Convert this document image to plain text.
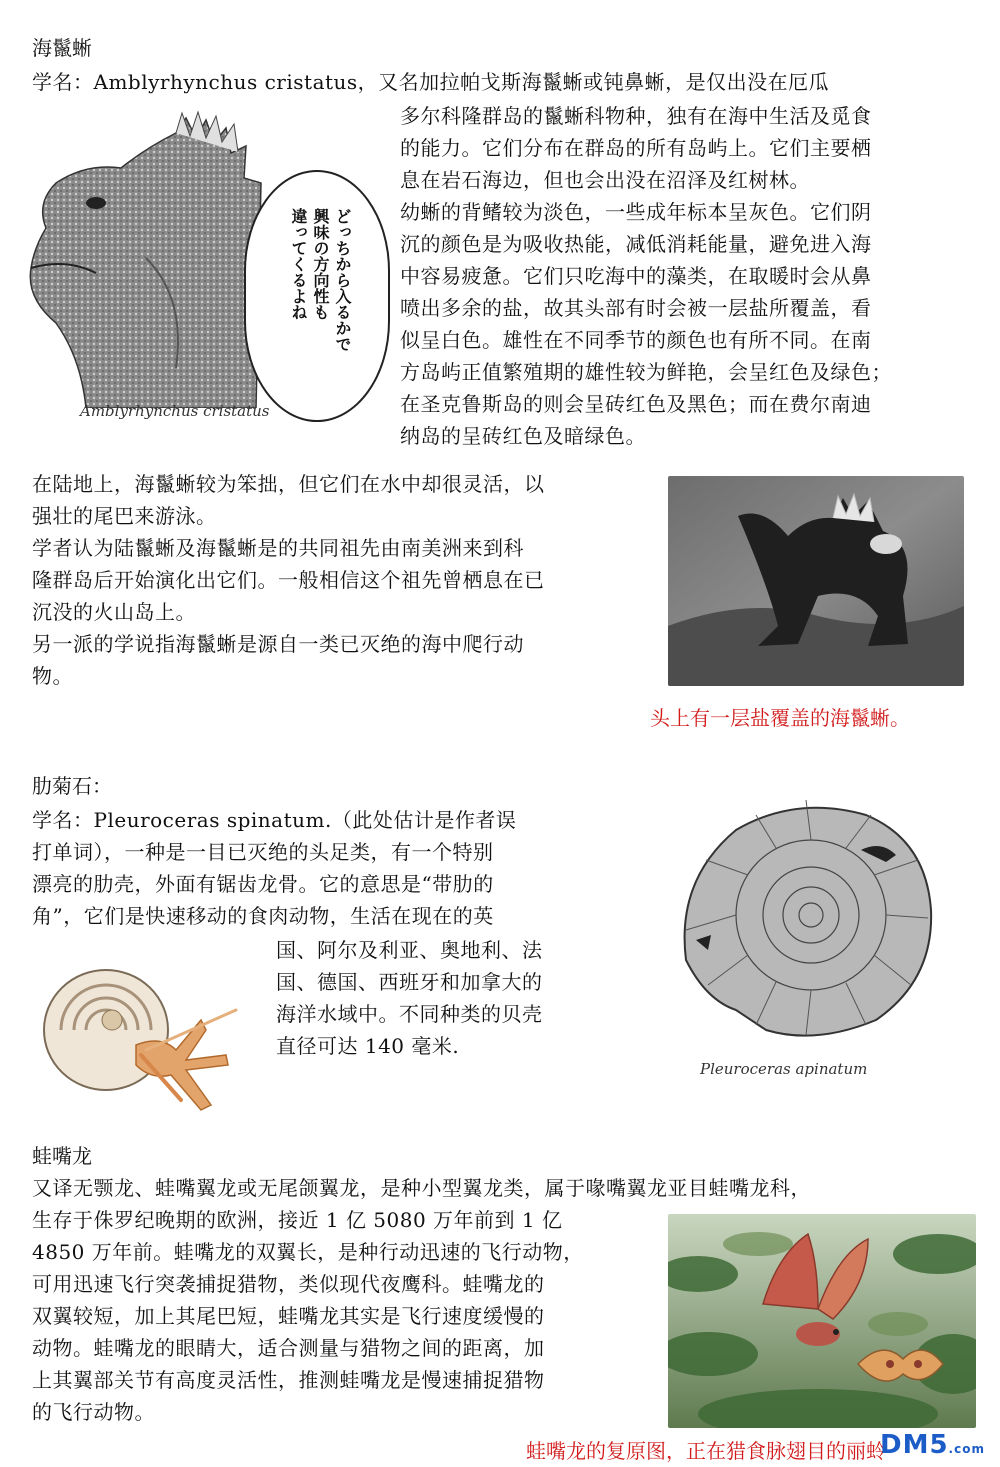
海鬣蜥
学名：Amblyrhynchus cristatus，又名加拉帕戈斯海鬣蜥或钝鼻蜥，是仅出没在厄瓜
多尔科隆群岛的鬣蜥科物种，独有在海中生活及觅食
的能力。它们分布在群岛的所有岛屿上。它们主要栖
息在岩石海边，但也会出没在沼泽及红树林。
幼蜥的背鳍较为淡色，一些成年标本呈灰色。它们阴
沉的颜色是为吸收热能，减低消耗能量，避免进入海
中容易疲惫。它们只吃海中的藻类，在取暖时会从鼻
喷出多余的盐，故其头部有时会被一层盐所覆盖，看
似呈白色。雄性在不同季节的颜色也有所不同。在南
方岛屿正值繁殖期的雄性较为鲜艳，会呈红色及绿色；
在圣克鲁斯岛的则会呈砖红色及黑色；而在费尔南迪
纳岛的呈砖红色及暗绿色。
どっちから入るかで
興味の方向性も
違ってくるよね
Amblyrhynchus cristatus
在陆地上，海鬣蜥较为笨拙，但它们在水中却很灵活，以
强壮的尾巴来游泳。
学者认为陆鬣蜥及海鬣蜥是的共同祖先由南美洲来到科
隆群岛后开始演化出它们。一般相信这个祖先曾栖息在已
沉没的火山岛上。
另一派的学说指海鬣蜥是源自一类已灭绝的海中爬行动
物。
头上有一层盐覆盖的海鬣蜥。
肋菊石：
学名：Pleuroceras spinatum.（此处估计是作者误
打单词），一种是一目已灭绝的头足类，有一个特别
漂亮的肋壳，外面有锯齿龙骨。它的意思是“带肋的
角”，它们是快速移动的食肉动物，生活在现在的英
国、阿尔及利亚、奥地利、法
国、德国、西班牙和加拿大的
海洋水域中。不同种类的贝壳
直径可达 140 毫米.
Pleuroceras apinatum
蛙嘴龙
又译无颚龙、蛙嘴翼龙或无尾颌翼龙，是种小型翼龙类，属于喙嘴翼龙亚目蛙嘴龙科，
生存于侏罗纪晚期的欧洲，接近 1 亿 5080 万年前到 1 亿
4850 万年前。蛙嘴龙的双翼长，是种行动迅速的飞行动物，
可用迅速飞行突袭捕捉猎物，类似现代夜鹰科。蛙嘴龙的
双翼较短，加上其尾巴短，蛙嘴龙其实是飞行速度缓慢的
动物。蛙嘴龙的眼睛大，适合测量与猎物之间的距离，加
上其翼部关节有高度灵活性，推测蛙嘴龙是慢速捕捉猎物
的飞行动物。
蛙嘴龙的复原图，正在猎食脉翅目的丽蛉
DM5.com
